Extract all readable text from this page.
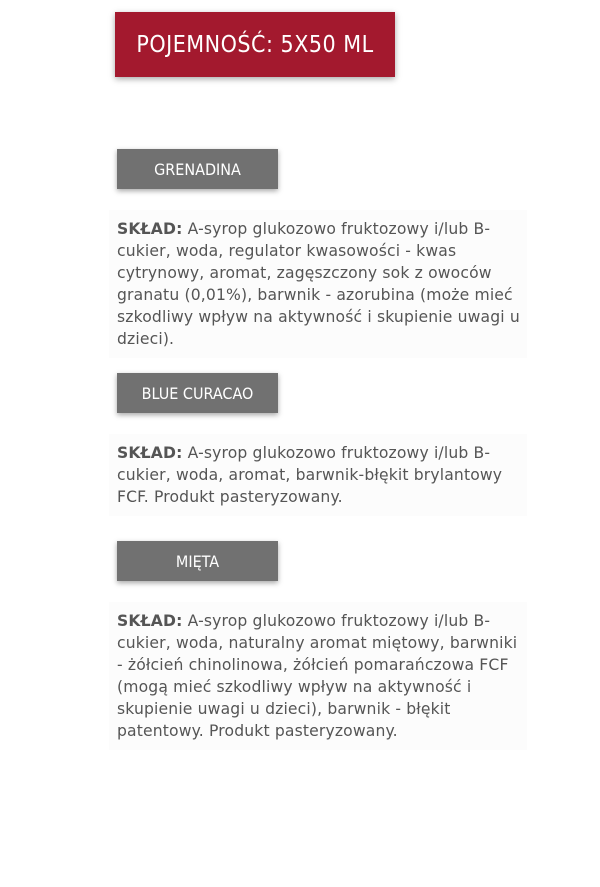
POJEMNOŚĆ: 5X50 ML
GRENADINA

SKŁAD: A-syrop glukozowo fruktozowy i/lub B-cukier, woda, regulator kwasowości - kwas cytrynowy, aromat, zagęszczony sok z owoców granatu (0,01%), barwnik - azorubina (może mieć szkodliwy wpływ na aktywność i skupienie uwagi u dzieci).

BLUE CURACAO

SKŁAD: A-syrop glukozowo fruktozowy i/lub B-cukier, woda, aromat, barwnik-błękit brylantowy FCF. Produkt pasteryzowany.

MIĘTA

SKŁAD: A-syrop glukozowo fruktozowy i/lub B-cukier, woda, naturalny aromat miętowy, barwniki - żółcień chinolinowa, żółcień pomarańczowa FCF (mogą mieć szkodliwy wpływ na aktywność i skupienie uwagi u dzieci), barwnik - błękit patentowy. Produkt pasteryzowany.
